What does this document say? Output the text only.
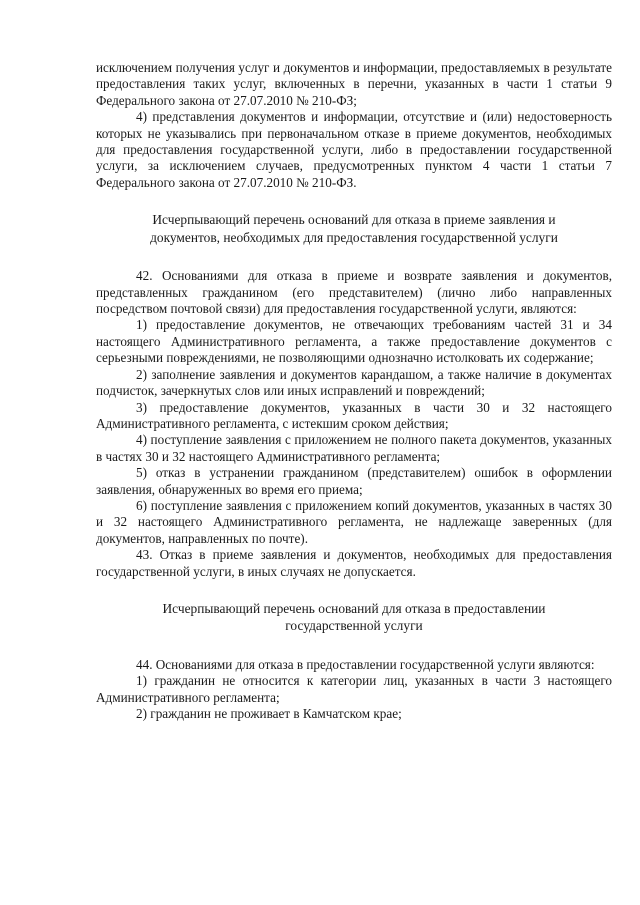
исключением получения услуг и документов и информации, предоставляемых в результате предоставления таких услуг, включенных в перечни, указанных в части 1 статьи 9 Федерального закона от 27.07.2010 № 210-ФЗ;

4) представления документов и информации, отсутствие и (или) недостоверность которых не указывались при первоначальном отказе в приеме документов, необходимых для предоставления государственной услуги, либо в предоставлении государственной услуги, за исключением случаев, предусмотренных пунктом 4 части 1 статьи 7 Федерального закона от 27.07.2010 № 210-ФЗ.

Исчерпывающий перечень оснований для отказа в приеме заявления и

документов, необходимых для предоставления государственной услуги

42. Основаниями для отказа в приеме и возврате заявления и документов, представленных гражданином (его представителем) (лично либо направленных посредством почтовой связи) для предоставления государственной услуги, являются:

1) предоставление документов, не отвечающих требованиям частей 31 и 34 настоящего Административного регламента, а также предоставление документов с серьезными повреждениями, не позволяющими однозначно истолковать их содержание;

2) заполнение заявления и документов карандашом, а также наличие в документах подчисток, зачеркнутых слов или иных исправлений и повреждений;

3) предоставление документов, указанных в части 30 и 32 настоящего Административного регламента, с истекшим сроком действия;

4) поступление заявления с приложением не полного пакета документов, указанных в частях 30 и 32 настоящего Административного регламента;

5) отказ в устранении гражданином (представителем) ошибок в оформлении заявления, обнаруженных во время его приема;

6) поступление заявления с приложением копий документов, указанных в частях 30 и 32 настоящего Административного регламента, не надлежаще заверенных (для документов, направленных по почте).

43. Отказ в приеме заявления и документов, необходимых для предоставления государственной услуги, в иных случаях не допускается.

Исчерпывающий перечень оснований для отказа в предоставлении

государственной услуги

44. Основаниями для отказа в предоставлении государственной услуги являются:

1) гражданин не относится к категории лиц, указанных в части 3 настоящего Административного регламента;

2) гражданин не проживает в Камчатском крае;
